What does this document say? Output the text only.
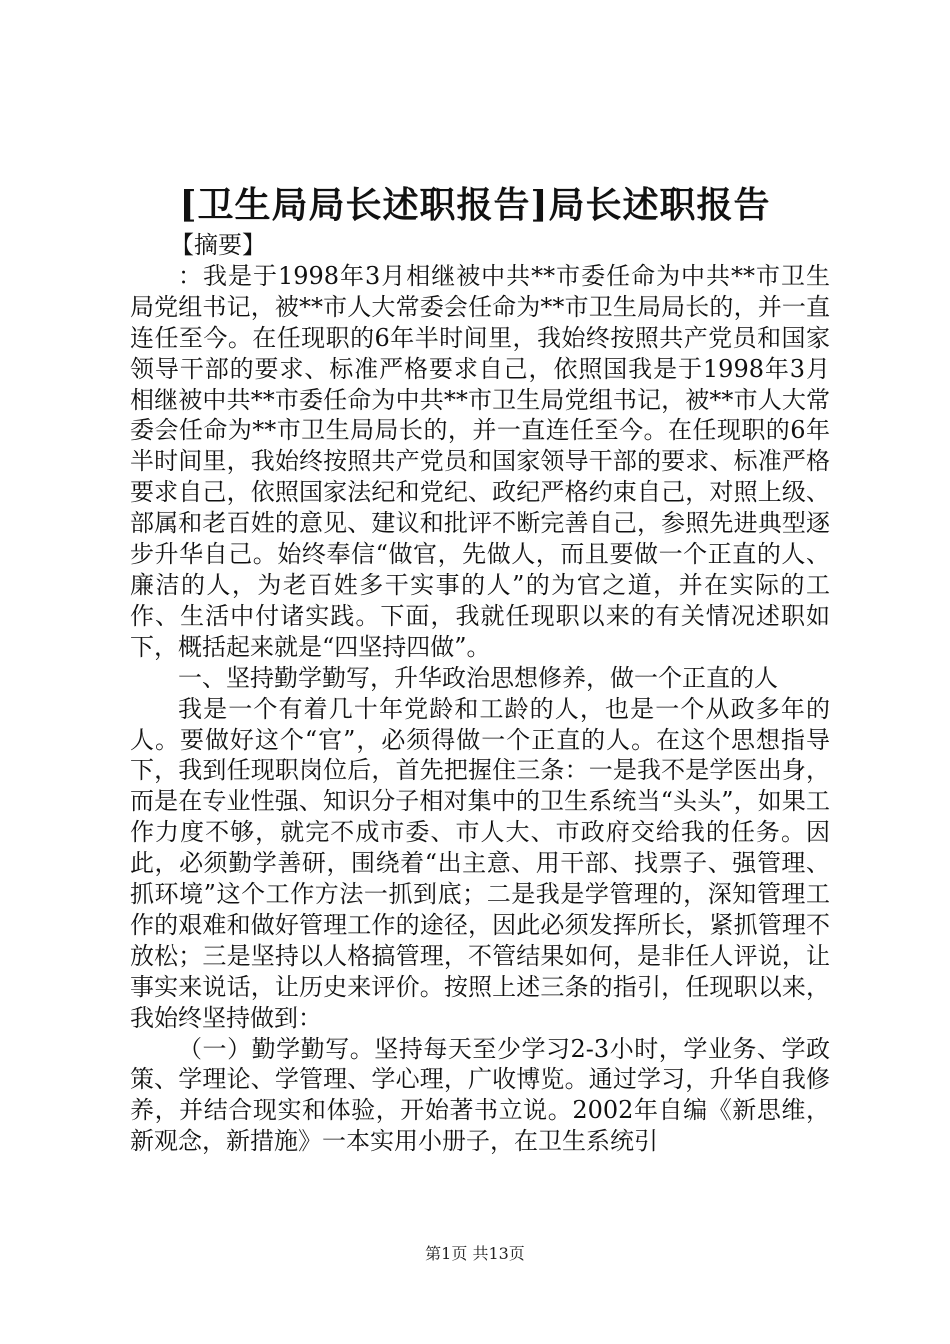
[卫生局局长述职报告]局长述职报告

【摘要】

：我是于1998年3月相继被中共**市委任命为中共**市卫生局党组书记，被**市人大常委会任命为**市卫生局局长的，并一直连任至今。在任现职的6年半时间里，我始终按照共产党员和国家领导干部的要求、标准严格要求自己，依照国我是于1998年3月相继被中共**市委任命为中共**市卫生局党组书记，被**市人大常委会任命为**市卫生局局长的，并一直连任至今。在任现职的6年半时间里，我始终按照共产党员和国家领导干部的要求、标准严格要求自己，依照国家法纪和党纪、政纪严格约束自己，对照上级、部属和老百姓的意见、建议和批评不断完善自己，参照先进典型逐步升华自己。始终奉信“做官，先做人，而且要做一个正直的人、廉洁的人，为老百姓多干实事的人”的为官之道，并在实际的工作、生活中付诸实践。下面，我就任现职以来的有关情况述职如下，概括起来就是“四坚持四做”。

一、坚持勤学勤写，升华政治思想修养，做一个正直的人

我是一个有着几十年党龄和工龄的人，也是一个从政多年的人。要做好这个“官”，必须得做一个正直的人。在这个思想指导下，我到任现职岗位后，首先把握住三条：一是我不是学医出身，而是在专业性强、知识分子相对集中的卫生系统当“头头”，如果工作力度不够，就完不成市委、市人大、市政府交给我的任务。因此，必须勤学善研，围绕着“出主意、用干部、找票子、强管理、抓环境”这个工作方法一抓到底；二是我是学管理的，深知管理工作的艰难和做好管理工作的途径，因此必须发挥所长，紧抓管理不放松；三是坚持以人格搞管理，不管结果如何，是非任人评说，让事实来说话，让历史来评价。按照上述三条的指引，任现职以来，我始终坚持做到：

（一）勤学勤写。坚持每天至少学习2-3小时，学业务、学政策、学理论、学管理、学心理，广收博览。通过学习，升华自我修养，并结合现实和体验，开始著书立说。2002年自编《新思维，新观念，新措施》一本实用小册子，在卫生系统引

第1页 共13页
